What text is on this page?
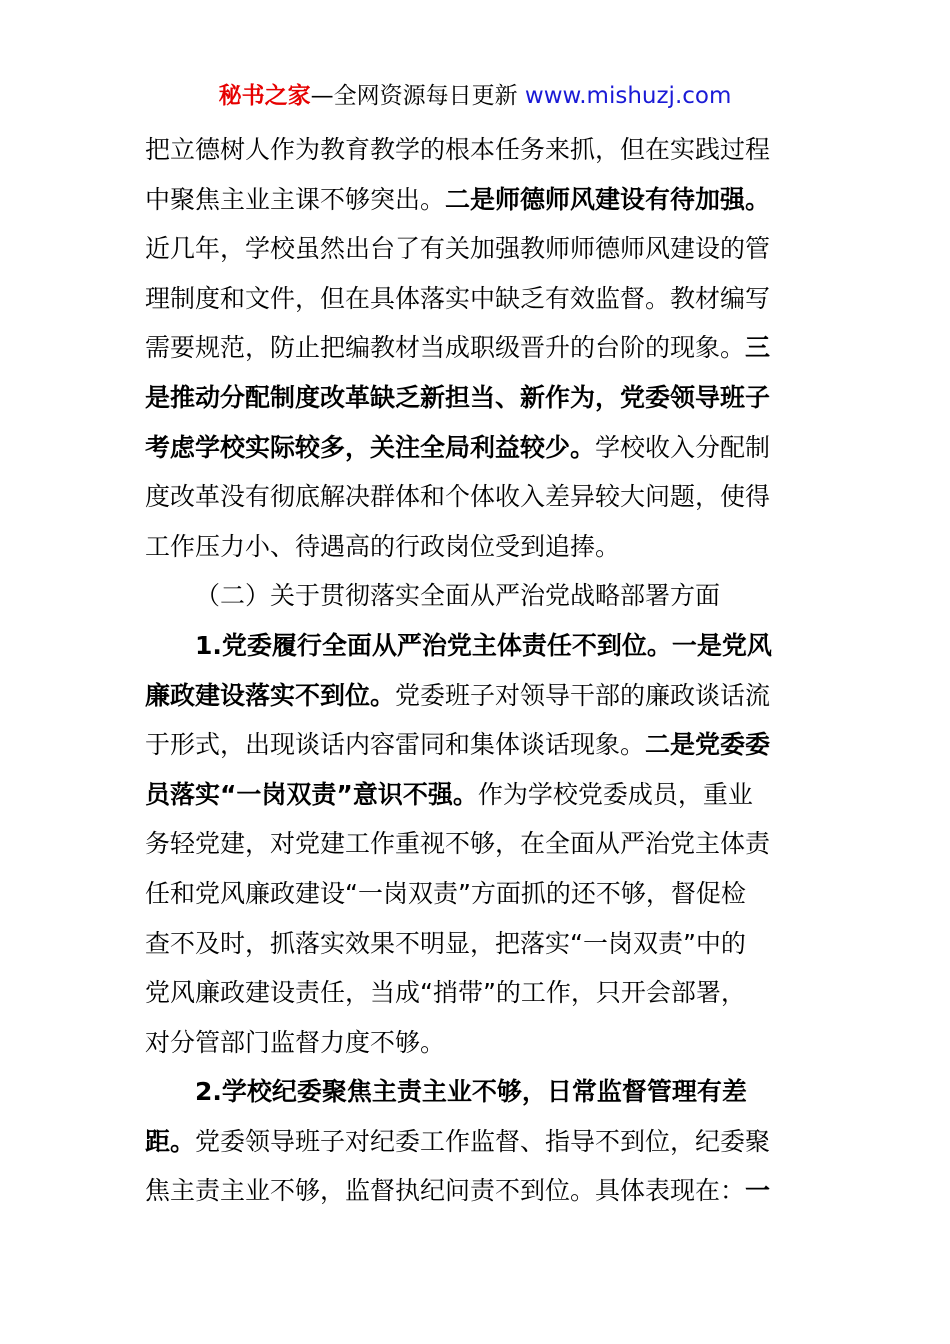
秘书之家—全网资源每日更新 www.mishuzj.com
把立德树人作为教育教学的根本任务来抓，但在实践过程
中聚焦主业主课不够突出。二是师德师风建设有待加强。
近几年，学校虽然出台了有关加强教师师德师风建设的管
理制度和文件，但在具体落实中缺乏有效监督。教材编写
需要规范，防止把编教材当成职级晋升的台阶的现象。三
是推动分配制度改革缺乏新担当、新作为，党委领导班子
考虑学校实际较多，关注全局利益较少。学校收入分配制
度改革没有彻底解决群体和个体收入差异较大问题，使得
工作压力小、待遇高的行政岗位受到追捧。
（二）关于贯彻落实全面从严治党战略部署方面
1.党委履行全面从严治党主体责任不到位。一是党风
廉政建设落实不到位。党委班子对领导干部的廉政谈话流
于形式，出现谈话内容雷同和集体谈话现象。二是党委委
员落实“一岗双责”意识不强。作为学校党委成员，重业
务轻党建，对党建工作重视不够，在全面从严治党主体责
任和党风廉政建设“一岗双责”方面抓的还不够，督促检
查不及时，抓落实效果不明显，把落实“一岗双责”中的
党风廉政建设责任，当成“捎带”的工作，只开会部署，
对分管部门监督力度不够。
2.学校纪委聚焦主责主业不够，日常监督管理有差
距。党委领导班子对纪委工作监督、指导不到位，纪委聚
焦主责主业不够，监督执纪问责不到位。具体表现在：一
